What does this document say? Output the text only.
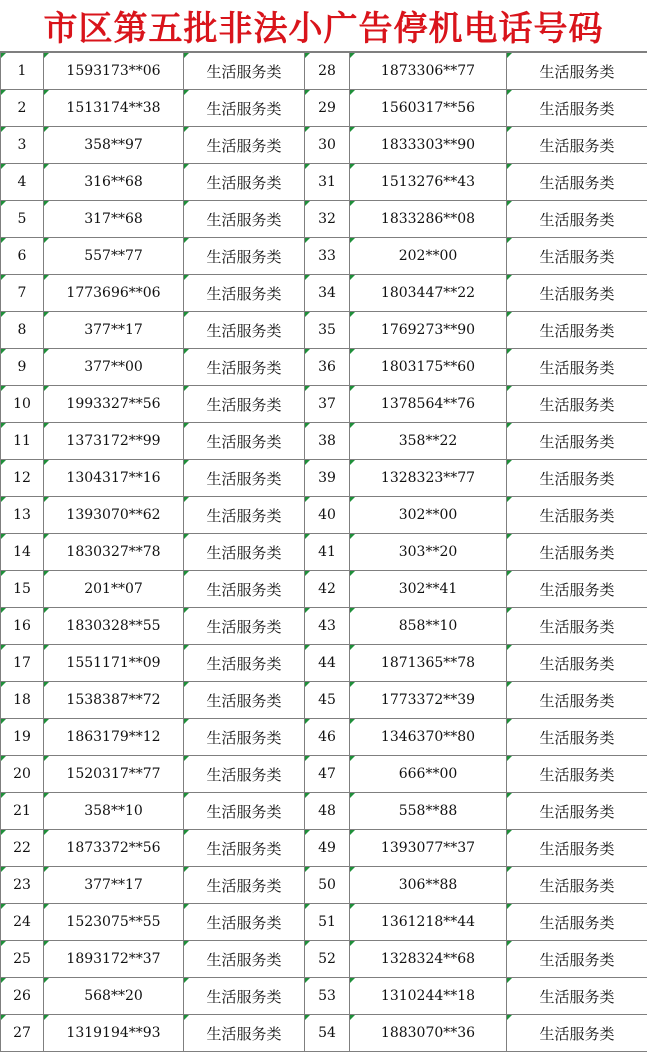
市区第五批非法小广告停机电话号码
1	1593173**06	生活服务类	28	1873306**77	生活服务类
2	1513174**38	生活服务类	29	1560317**56	生活服务类
3	358**97	生活服务类	30	1833303**90	生活服务类
4	316**68	生活服务类	31	1513276**43	生活服务类
5	317**68	生活服务类	32	1833286**08	生活服务类
6	557**77	生活服务类	33	202**00	生活服务类
7	1773696**06	生活服务类	34	1803447**22	生活服务类
8	377**17	生活服务类	35	1769273**90	生活服务类
9	377**00	生活服务类	36	1803175**60	生活服务类
10	1993327**56	生活服务类	37	1378564**76	生活服务类
11	1373172**99	生活服务类	38	358**22	生活服务类
12	1304317**16	生活服务类	39	1328323**77	生活服务类
13	1393070**62	生活服务类	40	302**00	生活服务类
14	1830327**78	生活服务类	41	303**20	生活服务类
15	201**07	生活服务类	42	302**41	生活服务类
16	1830328**55	生活服务类	43	858**10	生活服务类
17	1551171**09	生活服务类	44	1871365**78	生活服务类
18	1538387**72	生活服务类	45	1773372**39	生活服务类
19	1863179**12	生活服务类	46	1346370**80	生活服务类
20	1520317**77	生活服务类	47	666**00	生活服务类
21	358**10	生活服务类	48	558**88	生活服务类
22	1873372**56	生活服务类	49	1393077**37	生活服务类
23	377**17	生活服务类	50	306**88	生活服务类
24	1523075**55	生活服务类	51	1361218**44	生活服务类
25	1893172**37	生活服务类	52	1328324**68	生活服务类
26	568**20	生活服务类	53	1310244**18	生活服务类
27	1319194**93	生活服务类	54	1883070**36	生活服务类
